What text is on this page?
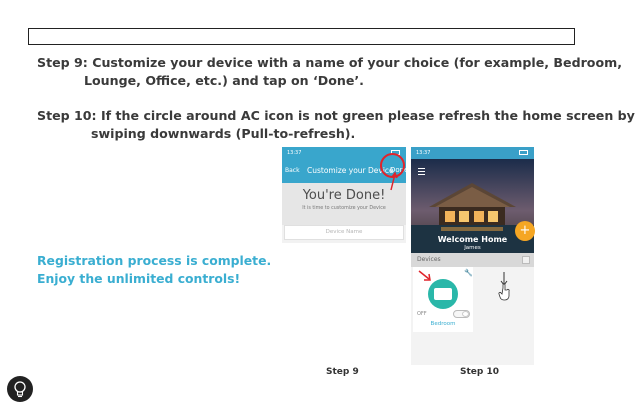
Step 9: Customize your device with a name of your choice (for example, Bedroom,
Lounge, Office, etc.) and tap on ‘Done’.
Step 10: If the circle around AC icon is not green please refresh the home screen by
swiping downwards (Pull-to-refresh).
Registration process is complete.
Enjoy the unlimited controls!
13:37
Back Customize your Device
Done
You're Done!
It is time to customize your Device
Device Name
13:37
Welcome Home
James
+
Devices
🔧
OFF
Bedroom
Step 9	Step 10
